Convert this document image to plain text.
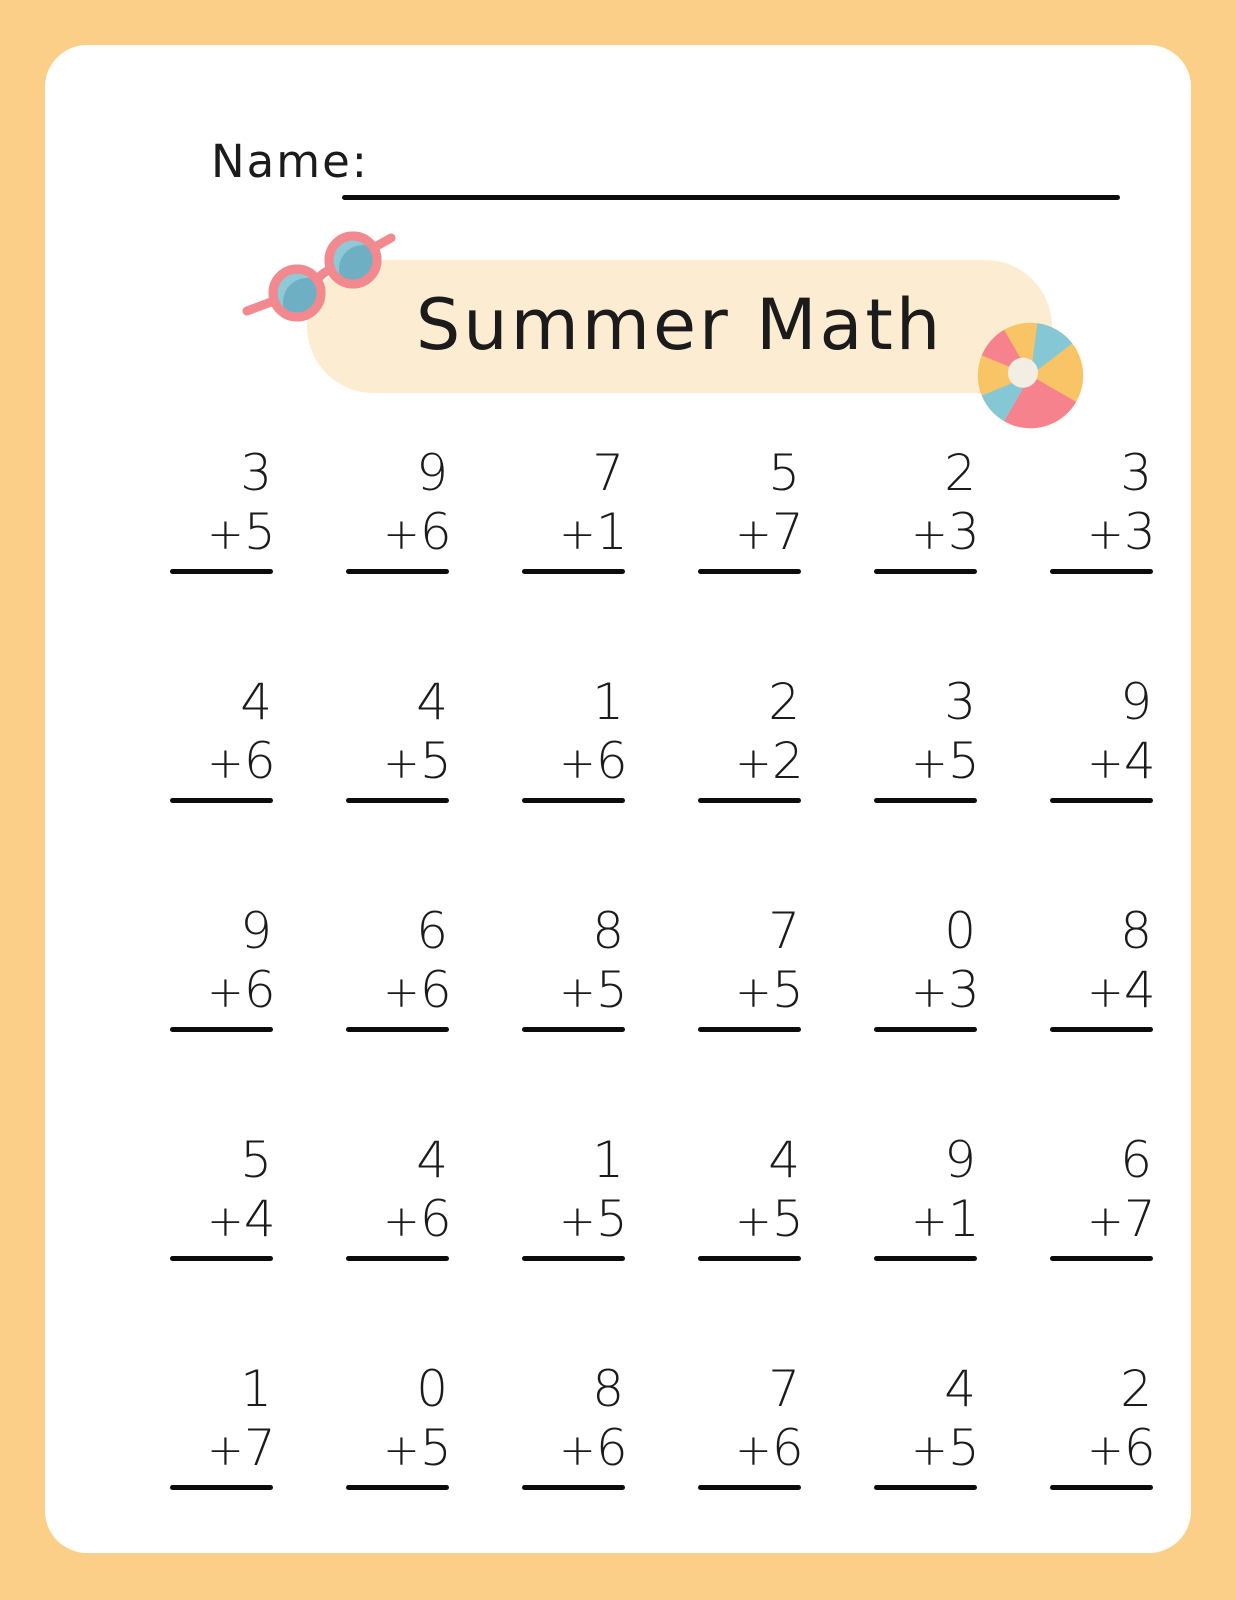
Name:
Summer Math
3
+ 5
9
+ 6
7
+ 1
5
+ 7
2
+ 3
3
+ 3
4
+ 6
4
+ 5
1
+ 6
2
+ 2
3
+ 5
9
+ 4
9
+ 6
6
+ 6
8
+ 5
7
+ 5
0
+ 3
8
+ 4
5
+ 4
4
+ 6
1
+ 5
4
+ 5
9
+ 1
6
+ 7
1
+ 7
0
+ 5
8
+ 6
7
+ 6
4
+ 5
2
+ 6
